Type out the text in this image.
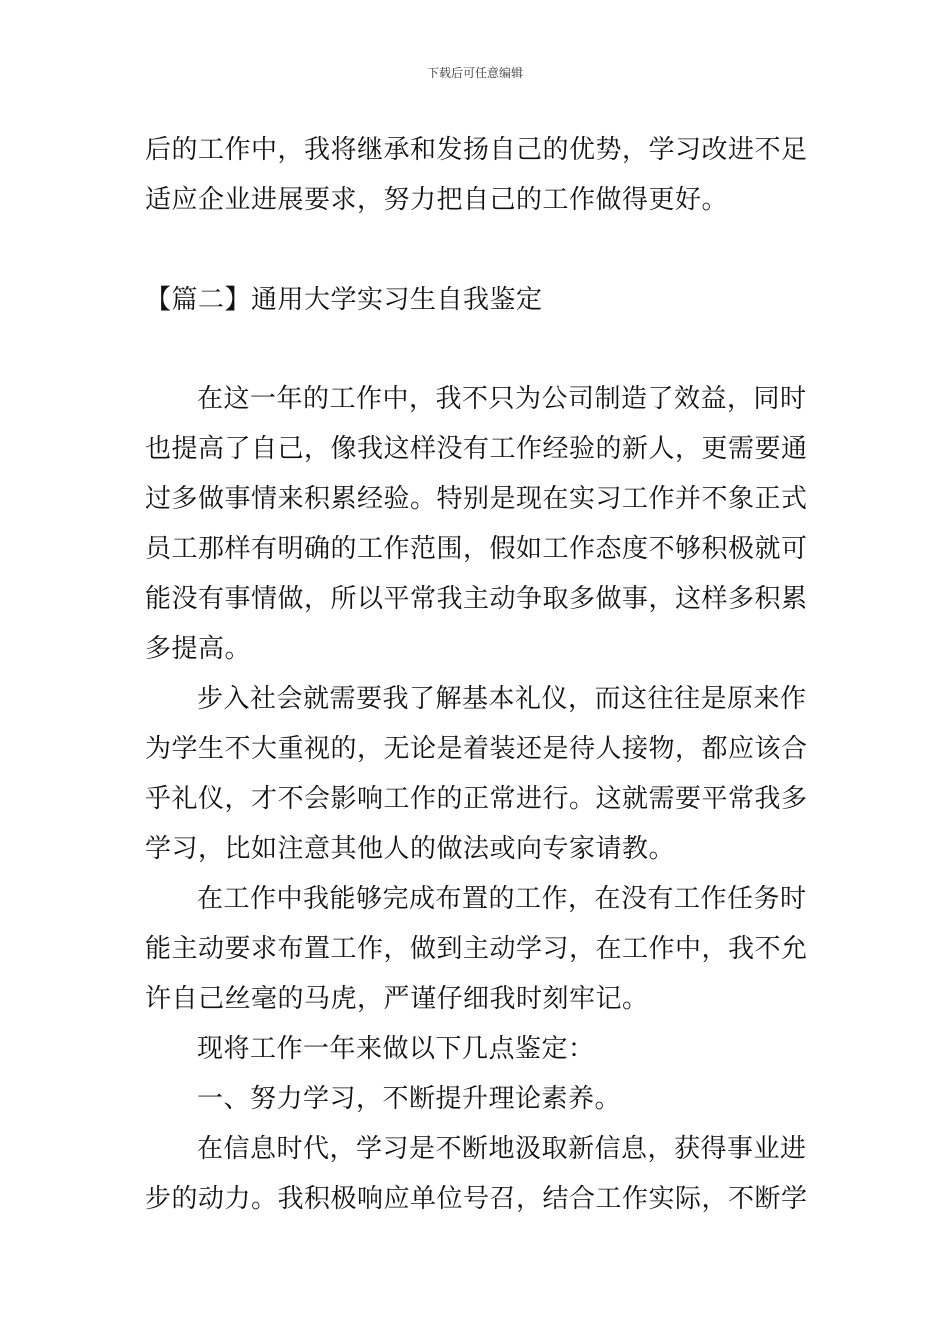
下载后可任意编辑
后的工作中，我将继承和发扬自己的优势，学习改进不足
适应企业进展要求，努力把自己的工作做得更好。
【篇二】通用大学实习生自我鉴定
在这一年的工作中，我不只为公司制造了效益，同时
也提高了自己，像我这样没有工作经验的新人，更需要通
过多做事情来积累经验。特别是现在实习工作并不象正式
员工那样有明确的工作范围，假如工作态度不够积极就可
能没有事情做，所以平常我主动争取多做事，这样多积累
多提高。
步入社会就需要我了解基本礼仪，而这往往是原来作
为学生不大重视的，无论是着装还是待人接物，都应该合
乎礼仪，才不会影响工作的正常进行。这就需要平常我多
学习，比如注意其他人的做法或向专家请教。
在工作中我能够完成布置的工作，在没有工作任务时
能主动要求布置工作，做到主动学习，在工作中，我不允
许自己丝毫的马虎，严谨仔细我时刻牢记。
现将工作一年来做以下几点鉴定：
一、努力学习，不断提升理论素养。
在信息时代，学习是不断地汲取新信息，获得事业进
步的动力。我积极响应单位号召，结合工作实际，不断学
